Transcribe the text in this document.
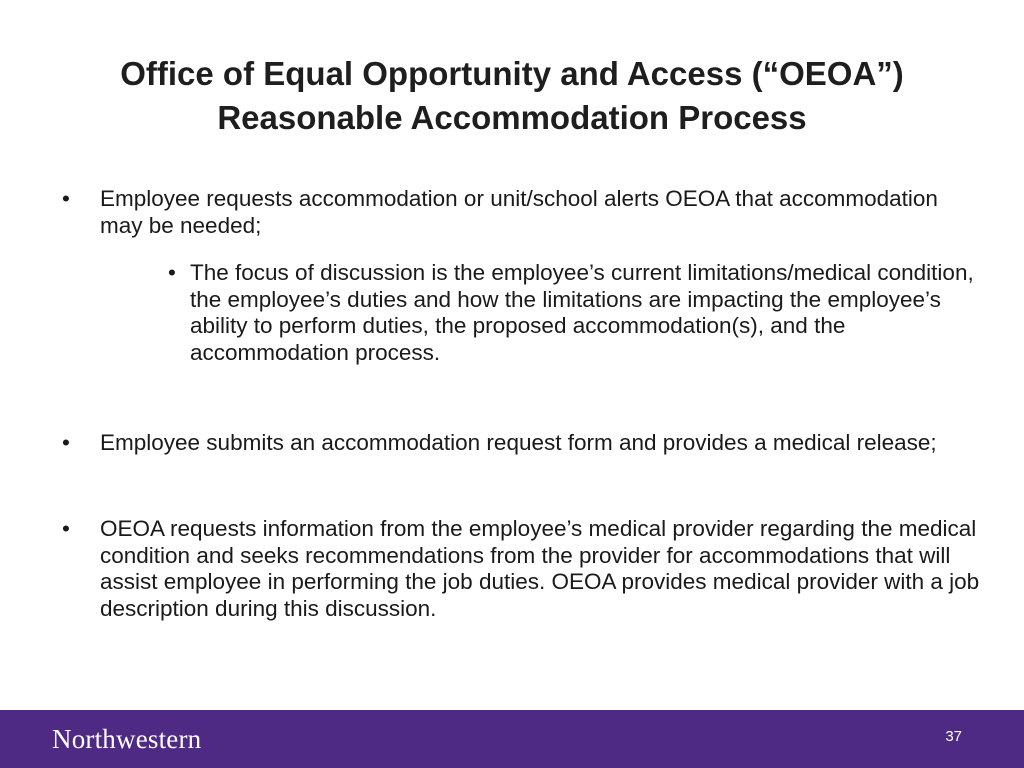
Office of Equal Opportunity and Access (“OEOA”)
Reasonable Accommodation Process
• Employee requests accommodation or unit/school alerts OEOA that accommodation may be needed;
• The focus of discussion is the employee’s current limitations/medical condition, the employee’s duties and how the limitations are impacting the employee’s ability to perform duties, the proposed accommodation(s), and the accommodation process.
• Employee submits an accommodation request form and provides a medical release;
• OEOA requests information from the employee’s medical provider regarding the medical condition and seeks recommendations from the provider for accommodations that will assist employee in performing the job duties. OEOA provides medical provider with a job description during this discussion.
Northwestern	37
